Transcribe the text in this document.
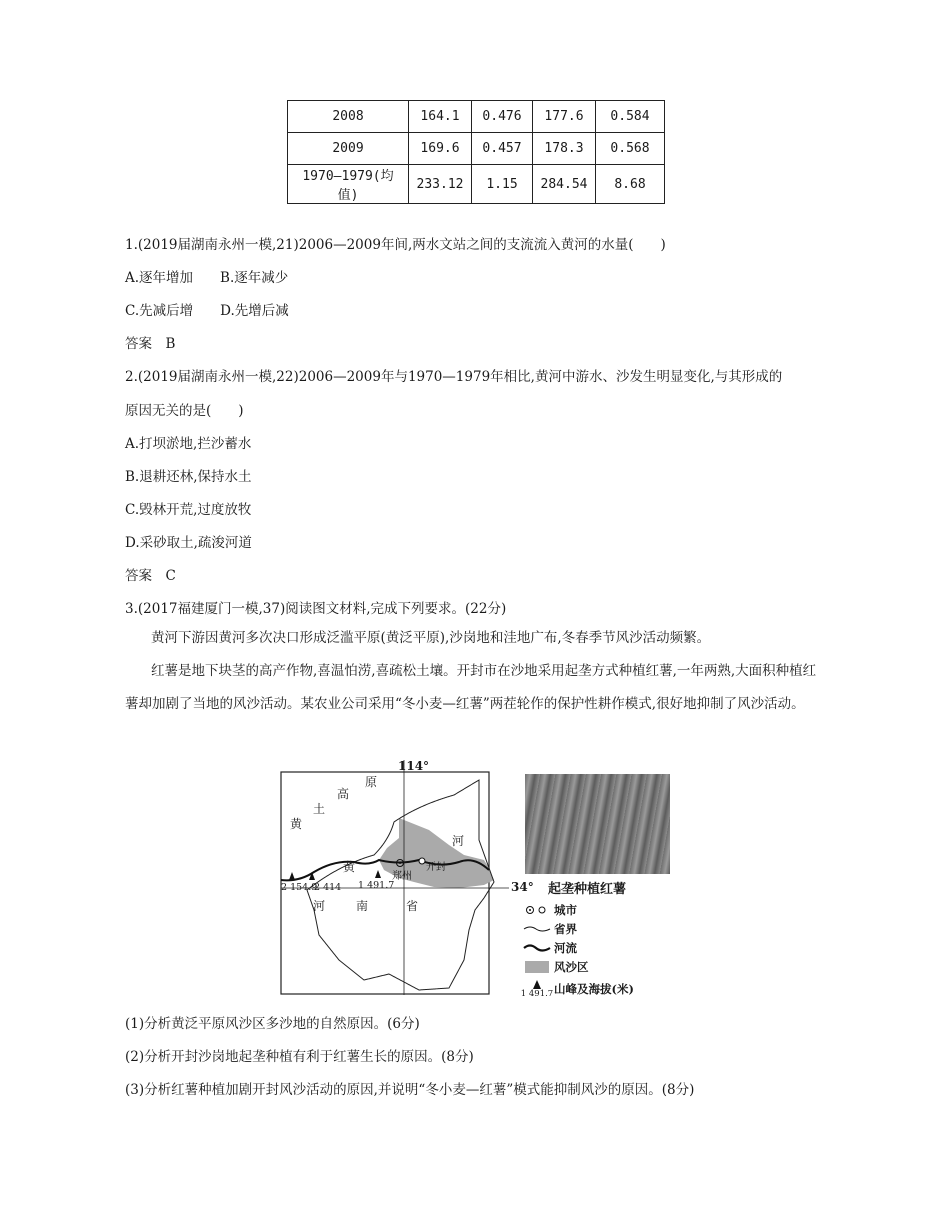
2008	164.1	0.476	177.6	0.584
2009	169.6	0.457	178.3	0.568
1970—1979(均值)	233.12	1.15	284.54	8.68
1.(2019届湖南永州一模,21)2006—2009年间,两水文站之间的支流流入黄河的水量(　　)
A.逐年增加　　B.逐年减少
C.先减后增　　D.先增后减
答案　B
2.(2019届湖南永州一模,22)2006—2009年与1970—1979年相比,黄河中游水、沙发生明显变化,与其形成的
原因无关的是(　　)
A.打坝淤地,拦沙蓄水
B.退耕还林,保持水土
C.毁林开荒,过度放牧
D.采砂取土,疏浚河道
答案　C
3.(2017福建厦门一模,37)阅读图文材料,完成下列要求。(22分)
黄河下游因黄河多次决口形成泛滥平原(黄泛平原),沙岗地和洼地广布,冬春季节风沙活动频繁。
红薯是地下块茎的高产作物,喜温怕涝,喜疏松土壤。开封市在沙地采用起垄方式种植红薯,一年两熟,大面积种植红薯却加剧了当地的风沙活动。某农业公司采用“冬小麦—红薯”两茬轮作的保护性耕作模式,很好地抑制了风沙活动。
114°
34°
黄
土
高
原
黄
河
河	南	省
郑州
开封
2 154.9
2 414 1 491.7	起垄种植红薯
城市
省界
河流
风沙区
1 491.7 山峰及海拔(米)
(1)分析黄泛平原风沙区多沙地的自然原因。(6分)
(2)分析开封沙岗地起垄种植有利于红薯生长的原因。(8分)
(3)分析红薯种植加剧开封风沙活动的原因,并说明“冬小麦—红薯”模式能抑制风沙的原因。(8分)
